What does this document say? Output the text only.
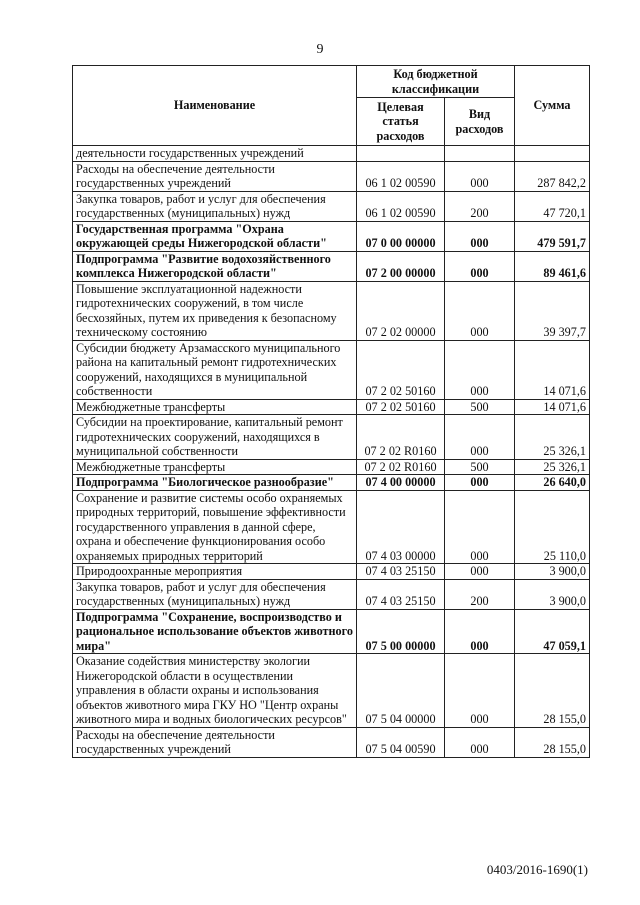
9
Наименование	Код бюджетной классификации		Сумма
	Целевая статья расходов	Вид расходов	
деятельности государственных учреждений			
Расходы на обеспечение деятельности государственных учреждений	06 1 02 00590	000	287 842,2
Закупка товаров, работ и услуг для обеспечения государственных (муниципальных) нужд	06 1 02 00590	200	47 720,1
Государственная программа "Охрана окружающей среды Нижегородской области"	07 0 00 00000	000	479 591,7
Подпрограмма "Развитие водохозяйственного комплекса Нижегородской области"	07 2 00 00000	000	89 461,6
Повышение эксплуатационной надежности гидротехнических сооружений, в том числе бесхозяйных, путем их приведения к безопасному техническому состоянию	07 2 02 00000	000	39 397,7
Субсидии бюджету Арзамасского муниципального района на капитальный ремонт гидротехнических сооружений, находящихся в муниципальной собственности	07 2 02 50160	000	14 071,6
Межбюджетные трансферты	07 2 02 50160	500	14 071,6
Субсидии на проектирование, капитальный ремонт гидротехнических сооружений, находящихся в муниципальной собственности	07 2 02 R0160	000	25 326,1
Межбюджетные трансферты	07 2 02 R0160	500	25 326,1
Подпрограмма "Биологическое разнообразие"	07 4 00 00000	000	26 640,0
Сохранение и развитие системы особо охраняемых природных территорий, повышение эффективности государственного управления в данной сфере, охрана и обеспечение функционирования особо охраняемых природных территорий	07 4 03 00000	000	25 110,0
Природоохранные мероприятия	07 4 03 25150	000	3 900,0
Закупка товаров, работ и услуг для обеспечения государственных (муниципальных) нужд	07 4 03 25150	200	3 900,0
Подпрограмма "Сохранение, воспроизводство и рациональное использование объектов животного мира"	07 5 00 00000	000	47 059,1
Оказание содействия министерству экологии Нижегородской области в осуществлении управления в области охраны и использования объектов животного мира ГКУ НО "Центр охраны животного мира и водных биологических ресурсов"	07 5 04 00000	000	28 155,0
Расходы на обеспечение деятельности государственных учреждений	07 5 04 00590	000	28 155,0
0403/2016-1690(1)
